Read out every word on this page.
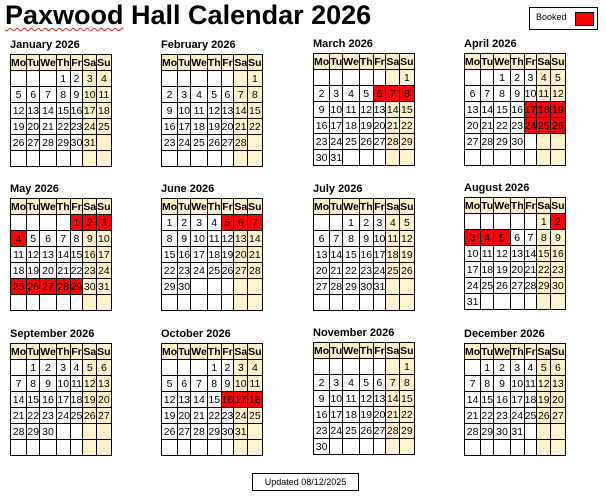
Paxwood Hall Calendar 2026	Booked
January 2026
Mo	Tu	We	Th	Fr	Sa	Su
			1	2	3	4
5	6	7	8	9	10	11
12	13	14	15	16	17	18
19	20	21	22	23	24	25
26	27	28	29	30	31	

February 2026
Mo	Tu	We	Th	Fr	Sa	Su
						1
2	3	4	5	6	7	8
9	10	11	12	13	14	15
16	17	18	19	20	21	22
23	24	25	26	27	28	

March 2026
Mo	Tu	We	Th	Fr	Sa	Su
						1
2	3	4	5	6	7	8
9	10	11	12	13	14	15
16	17	18	19	20	21	22
23	24	25	26	27	28	29
30	31					
April 2026
Mo	Tu	We	Th	Fr	Sa	Su
		1	2	3	4	5
6	7	8	9	10	11	12
13	14	15	16	17	18	19
20	21	22	23	24	25	26
27	28	29	30			

May 2026
Mo	Tu	We	Th	Fr	Sa	Su
				1	2	3
4	5	6	7	8	9	10
11	12	13	14	15	16	17
18	19	20	21	22	23	24
25	26	27	28	29	30	31

June 2026
Mo	Tu	We	Th	Fr	Sa	Su
1	2	3	4	5	6	7
8	9	10	11	12	13	14
15	16	17	18	19	20	21
22	23	24	25	26	27	28
29	30					

July 2026
Mo	Tu	We	Th	Fr	Sa	Su
		1	2	3	4	5
6	7	8	9	10	11	12
13	14	15	16	17	18	19
20	21	22	23	24	25	26
27	28	29	30	31		

August 2026
Mo	Tu	We	Th	Fr	Sa	Su
					1	2
3	4	5	6	7	8	9
10	11	12	13	14	15	16
17	18	19	20	21	22	23
24	25	26	27	28	29	30
31						
September 2026
Mo	Tu	We	Th	Fr	Sa	Su
	1	2	3	4	5	6
7	8	9	10	11	12	13
14	15	16	17	18	19	20
21	22	23	24	25	26	27
28	29	30				

October 2026
Mo	Tu	We	Th	Fr	Sa	Su
			1	2	3	4
5	6	7	8	9	10	11
12	13	14	15	16	17	18
19	20	21	22	23	24	25
26	27	28	29	30	31	

November 2026
Mo	Tu	We	Th	Fr	Sa	Su
						1
2	3	4	5	6	7	8
9	10	11	12	13	14	15
16	17	18	19	20	21	22
23	24	25	26	27	28	29
30						
December 2026
Mo	Tu	We	Th	Fr	Sa	Su
	1	2	3	4	5	6
7	8	9	10	11	12	13
14	15	16	17	18	19	20
21	22	23	24	25	26	27
28	29	30	31			

Updated 08/12/2025
